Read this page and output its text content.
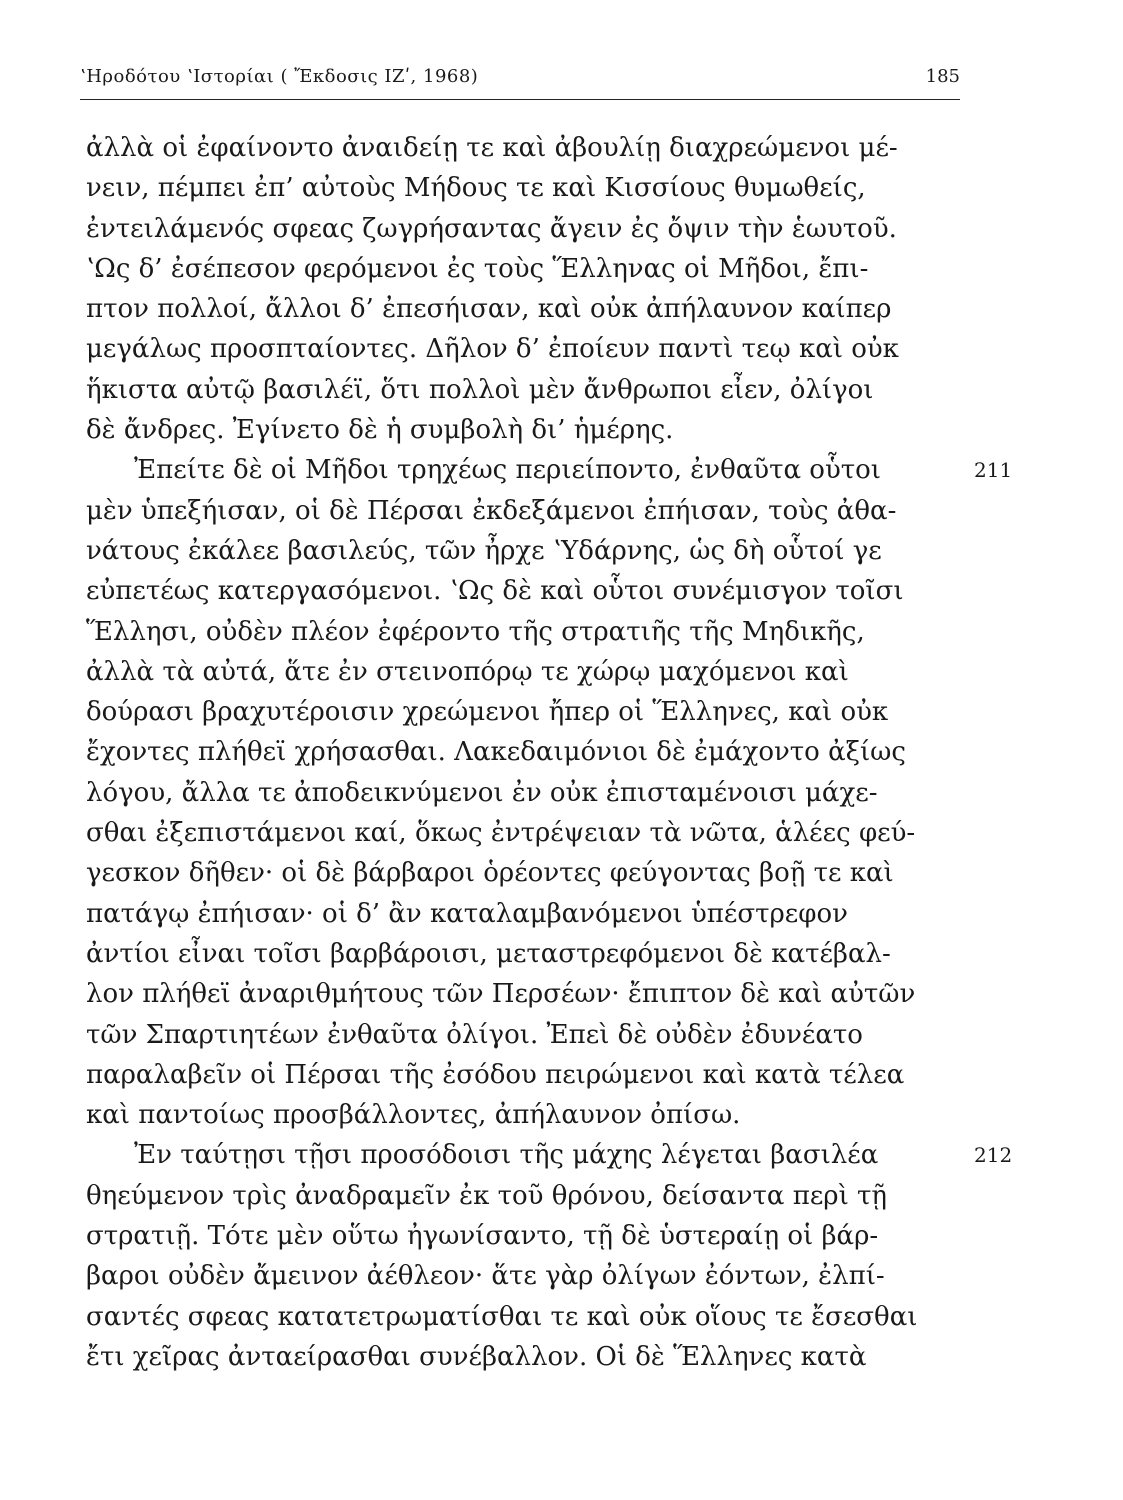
ʽΗροδότου ʽΙστορίαι ( Ἔκδοσις ΙΖʹ, 1968)	185
ἀλλὰ οἱ ἐφαίνοντο ἀναιδείῃ τε καὶ ἀβουλίῃ διαχρεώμενοι μέ-
νειν, πέμπει ἐπ’ αὐτοὺς Μήδους τε καὶ Κισσίους θυμωθείς,
ἐντειλάμενός σφεας ζωγρήσαντας ἄγειν ἐς ὄψιν τὴν ἑωυτοῦ.
ʽΩς δ’ ἐσέπεσον φερόμενοι ἐς τοὺς Ἕλληνας οἱ Μῆδοι, ἔπι-
πτον πολλοί, ἄλλοι δ’ ἐπεσήισαν, καὶ οὐκ ἀπήλαυνον καίπερ
μεγάλως προσπταίοντες. Δῆλον δ’ ἐποίευν παντὶ τεῳ καὶ οὐκ
ἥκιστα αὐτῷ βασιλέϊ, ὅτι πολλοὶ μὲν ἄνθρωποι εἶεν, ὀλίγοι
δὲ ἄνδρες. Ἐγίνετο δὲ ἡ συμβολὴ δι’ ἡμέρης.
Ἐπείτε δὲ οἱ Μῆδοι τρηχέως περιείποντο, ἐνθαῦτα οὗτοι	211
μὲν ὑπεξήισαν, οἱ δὲ Πέρσαι ἐκδεξάμενοι ἐπήισαν, τοὺς ἀθα-
νάτους ἐκάλεε βασιλεύς, τῶν ἦρχε ʽΥδάρνης, ὡς δὴ οὗτοί γε
εὐπετέως κατεργασόμενοι. ʽΩς δὲ καὶ οὗτοι συνέμισγον τοῖσι
Ἕλλησι, οὐδὲν πλέον ἐφέροντο τῆς στρατιῆς τῆς Μηδικῆς,
ἀλλὰ τὰ αὐτά, ἅτε ἐν στεινοπόρῳ τε χώρῳ μαχόμενοι καὶ
δούρασι βραχυτέροισιν χρεώμενοι ἤπερ οἱ Ἕλληνες, καὶ οὐκ
ἔχοντες πλήθεϊ χρήσασθαι. Λακεδαιμόνιοι δὲ ἐμάχοντο ἀξίως
λόγου, ἄλλα τε ἀποδεικνύμενοι ἐν οὐκ ἐπισταμένοισι μάχε-
σθαι ἐξεπιστάμενοι καί, ὅκως ἐντρέψειαν τὰ νῶτα, ἁλέες φεύ-
γεσκον δῆθεν· οἱ δὲ βάρβαροι ὁρέοντες φεύγοντας βοῇ τε καὶ
πατάγῳ ἐπήισαν· οἱ δ’ ἂν καταλαμβανόμενοι ὑπέστρεφον
ἀντίοι εἶναι τοῖσι βαρβάροισι, μεταστρεφόμενοι δὲ κατέβαλ-
λον πλήθεϊ ἀναριθμήτους τῶν Περσέων· ἔπιπτον δὲ καὶ αὐτῶν
τῶν Σπαρτιητέων ἐνθαῦτα ὀλίγοι. Ἐπεὶ δὲ οὐδὲν ἐδυνέατο
παραλαβεῖν οἱ Πέρσαι τῆς ἐσόδου πειρώμενοι καὶ κατὰ τέλεα
καὶ παντοίως προσβάλλοντες, ἀπήλαυνον ὀπίσω.
Ἐν ταύτῃσι τῇσι προσόδοισι τῆς μάχης λέγεται βασιλέα	212
θηεύμενον τρὶς ἀναδραμεῖν ἐκ τοῦ θρόνου, δείσαντα περὶ τῇ
στρατιῇ. Τότε μὲν οὕτω ἠγωνίσαντο, τῇ δὲ ὑστεραίῃ οἱ βάρ-
βαροι οὐδὲν ἄμεινον ἀέθλεον· ἅτε γὰρ ὀλίγων ἐόντων, ἐλπί-
σαντές σφεας κατατετρωματίσθαι τε καὶ οὐκ οἵους τε ἔσεσθαι
ἔτι χεῖρας ἀνταείρασθαι συνέβαλλον. Οἱ δὲ Ἕλληνες κατὰ
